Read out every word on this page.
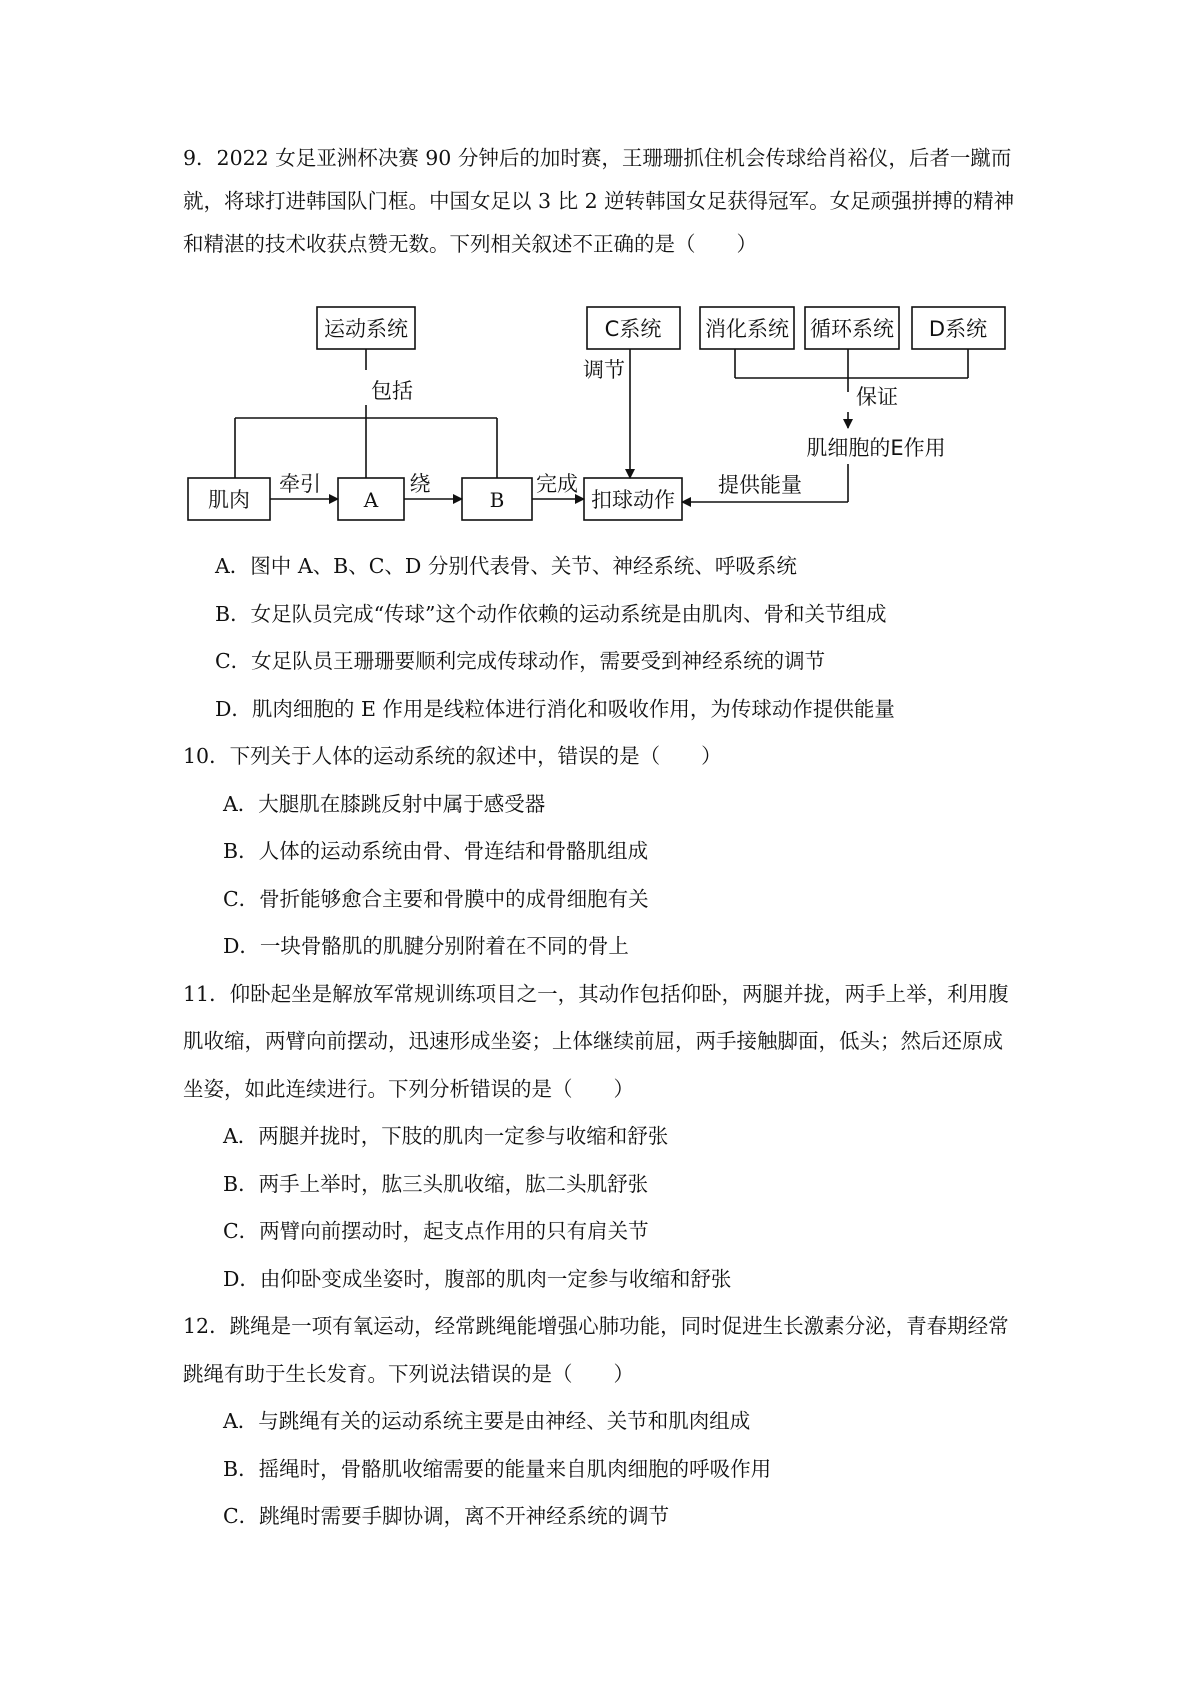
9．2022 女足亚洲杯决赛 90 分钟后的加时赛，王珊珊抓住机会传球给肖裕仪，后者一蹴而
就，将球打进韩国队门框。中国女足以 3 比 2 逆转韩国女足获得冠军。女足顽强拼搏的精神
和精湛的技术收获点赞无数。下列相关叙述不正确的是（　　）
运动系统
包括
肌肉
牵引
A
绕
B
完成
扣球动作
C系统
调节
消化系统 循环系统 D系统
保证
肌细胞的E作用
提供能量
A．图中 A、B、C、D 分别代表骨、关节、神经系统、呼吸系统
B．女足队员完成“传球”这个动作依赖的运动系统是由肌肉、骨和关节组成
C．女足队员王珊珊要顺利完成传球动作，需要受到神经系统的调节
D．肌肉细胞的 E 作用是线粒体进行消化和吸收作用，为传球动作提供能量
10．下列关于人体的运动系统的叙述中，错误的是（　　）
A．大腿肌在膝跳反射中属于感受器
B．人体的运动系统由骨、骨连结和骨骼肌组成
C．骨折能够愈合主要和骨膜中的成骨细胞有关
D．一块骨骼肌的肌腱分别附着在不同的骨上
11．仰卧起坐是解放军常规训练项目之一，其动作包括仰卧，两腿并拢，两手上举，利用腹
肌收缩，两臂向前摆动，迅速形成坐姿；上体继续前屈，两手接触脚面，低头；然后还原成
坐姿，如此连续进行。下列分析错误的是（　　）
A．两腿并拢时，下肢的肌肉一定参与收缩和舒张
B．两手上举时，肱三头肌收缩，肱二头肌舒张
C．两臂向前摆动时，起支点作用的只有肩关节
D．由仰卧变成坐姿时，腹部的肌肉一定参与收缩和舒张
12．跳绳是一项有氧运动，经常跳绳能增强心肺功能，同时促进生长激素分泌，青春期经常
跳绳有助于生长发育。下列说法错误的是（　　）
A．与跳绳有关的运动系统主要是由神经、关节和肌肉组成
B．摇绳时，骨骼肌收缩需要的能量来自肌肉细胞的呼吸作用
C．跳绳时需要手脚协调，离不开神经系统的调节
